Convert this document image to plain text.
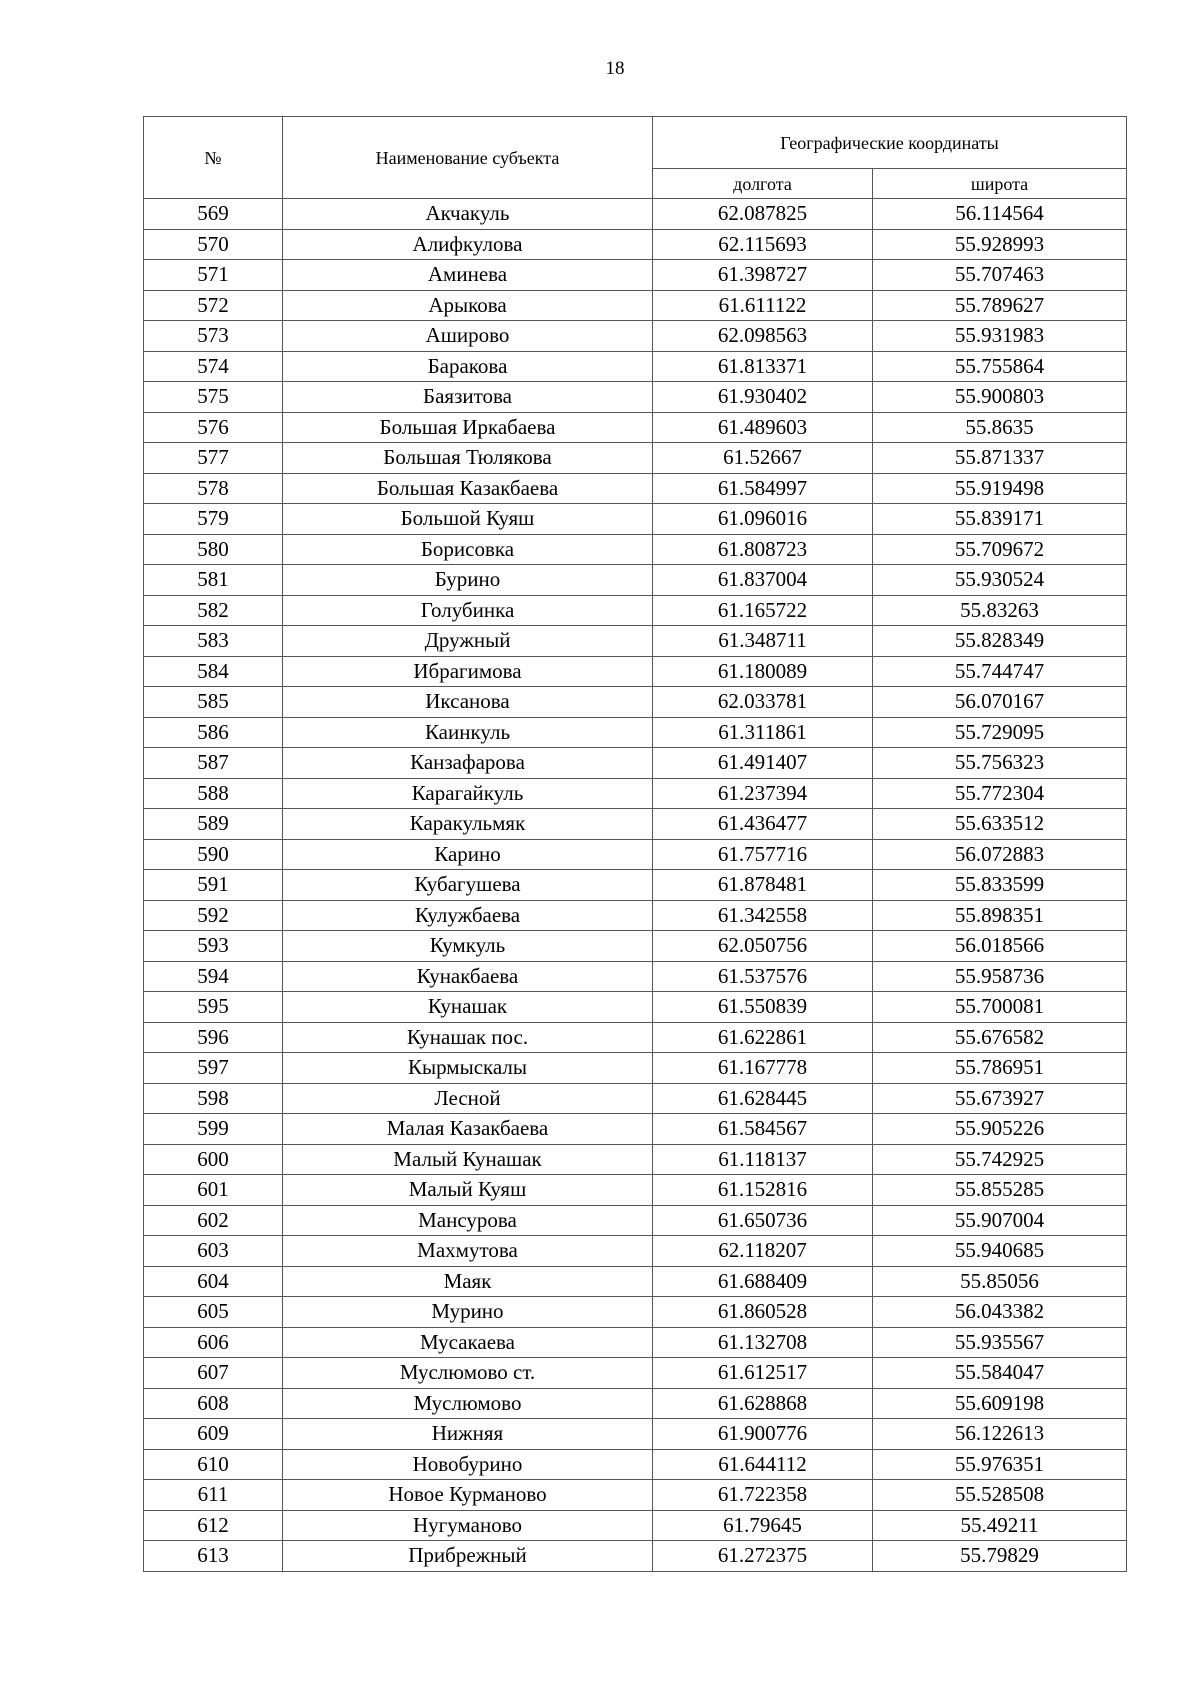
18
№	Наименование субъекта	Географические координаты	
		долгота	широта
569	Акчакуль	62.087825	56.114564
570	Алифкулова	62.115693	55.928993
571	Аминева	61.398727	55.707463
572	Арыкова	61.611122	55.789627
573	Аширово	62.098563	55.931983
574	Баракова	61.813371	55.755864
575	Баязитова	61.930402	55.900803
576	Большая Иркабаева	61.489603	55.8635
577	Большая Тюлякова	61.52667	55.871337
578	Большая Казакбаева	61.584997	55.919498
579	Большой Куяш	61.096016	55.839171
580	Борисовка	61.808723	55.709672
581	Бурино	61.837004	55.930524
582	Голубинка	61.165722	55.83263
583	Дружный	61.348711	55.828349
584	Ибрагимова	61.180089	55.744747
585	Иксанова	62.033781	56.070167
586	Каинкуль	61.311861	55.729095
587	Канзафарова	61.491407	55.756323
588	Карагайкуль	61.237394	55.772304
589	Каракульмяк	61.436477	55.633512
590	Карино	61.757716	56.072883
591	Кубагушева	61.878481	55.833599
592	Кулужбаева	61.342558	55.898351
593	Кумкуль	62.050756	56.018566
594	Кунакбаева	61.537576	55.958736
595	Кунашак	61.550839	55.700081
596	Кунашак пос.	61.622861	55.676582
597	Кырмыскалы	61.167778	55.786951
598	Лесной	61.628445	55.673927
599	Малая Казакбаева	61.584567	55.905226
600	Малый Кунашак	61.118137	55.742925
601	Малый Куяш	61.152816	55.855285
602	Мансурова	61.650736	55.907004
603	Махмутова	62.118207	55.940685
604	Маяк	61.688409	55.85056
605	Мурино	61.860528	56.043382
606	Мусакаева	61.132708	55.935567
607	Муслюмово ст.	61.612517	55.584047
608	Муслюмово	61.628868	55.609198
609	Нижняя	61.900776	56.122613
610	Новобурино	61.644112	55.976351
611	Новое Курманово	61.722358	55.528508
612	Нугуманово	61.79645	55.49211
613	Прибрежный	61.272375	55.79829
